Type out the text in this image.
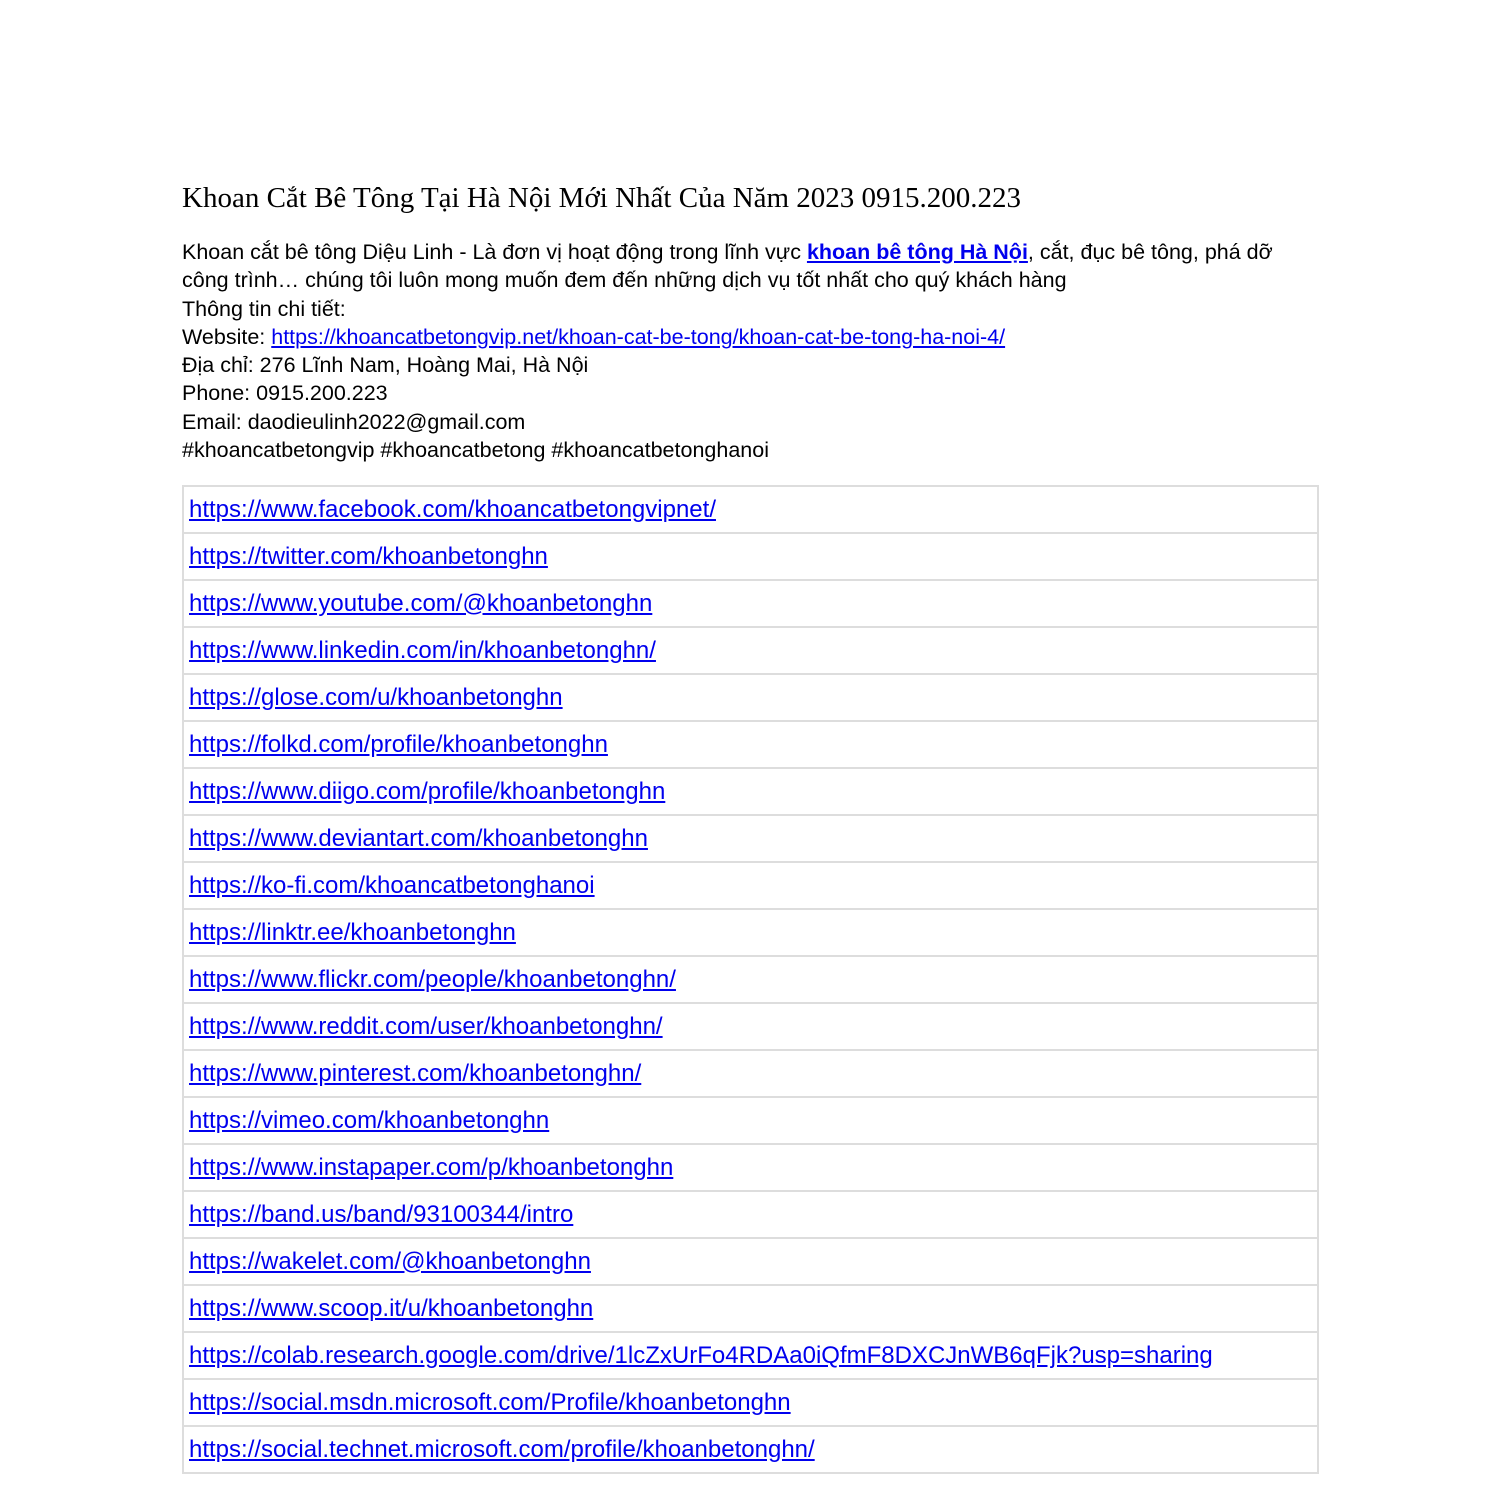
Khoan Cắt Bê Tông Tại Hà Nội Mới Nhất Của Năm 2023 0915.200.223

Khoan cắt bê tông Diệu Linh - Là đơn vị hoạt động trong lĩnh vực khoan bê tông Hà Nội, cắt, đục bê tông, phá dỡ công trình… chúng tôi luôn mong muốn đem đến những dịch vụ tốt nhất cho quý khách hàng

Thông tin chi tiết:

Website: https://khoancatbetongvip.net/khoan-cat-be-tong/khoan-cat-be-tong-ha-noi-4/

Địa chỉ: 276 Lĩnh Nam, Hoàng Mai, Hà Nội

Phone: 0915.200.223

Email: daodieulinh2022@gmail.com

#khoancatbetongvip #khoancatbetong #khoancatbetonghanoi

https://www.facebook.com/khoancatbetongvipnet/
https://twitter.com/khoanbetonghn
https://www.youtube.com/@khoanbetonghn
https://www.linkedin.com/in/khoanbetonghn/
https://glose.com/u/khoanbetonghn
https://folkd.com/profile/khoanbetonghn
https://www.diigo.com/profile/khoanbetonghn
https://www.deviantart.com/khoanbetonghn
https://ko-fi.com/khoancatbetonghanoi
https://linktr.ee/khoanbetonghn
https://www.flickr.com/people/khoanbetonghn/
https://www.reddit.com/user/khoanbetonghn/
https://www.pinterest.com/khoanbetonghn/
https://vimeo.com/khoanbetonghn
https://www.instapaper.com/p/khoanbetonghn
https://band.us/band/93100344/intro
https://wakelet.com/@khoanbetonghn
https://www.scoop.it/u/khoanbetonghn
https://colab.research.google.com/drive/1lcZxUrFo4RDAa0iQfmF8DXCJnWB6qFjk?usp=sharing
https://social.msdn.microsoft.com/Profile/khoanbetonghn
https://social.technet.microsoft.com/profile/khoanbetonghn/
